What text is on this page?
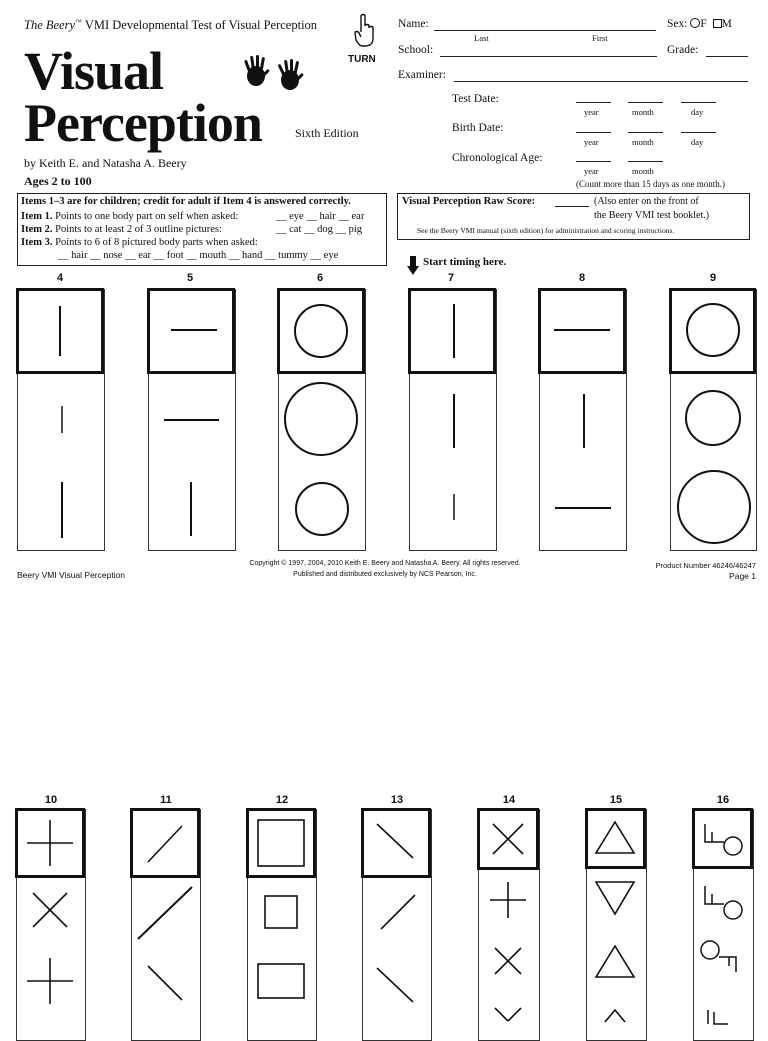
The Beery™ VMI Developmental Test of Visual Perception
Visual
Perception	Sixth Edition
by Keith E. and Natasha A. Beery
Ages 2 to 100
TURN
Name:
Last	First
Sex: F M
School:	Grade:
Examiner:
Test Date:
year	month	day
Birth Date:
year	month	day
Chronological Age:
year	month
(Count more than 15 days as one month.)
Items 1–3 are for children; credit for adult if Item 4 is answered correctly.
Item 1. Points to one body part on self when asked:	__ eye __ hair __ ear
Item 2. Points to at least 2 of 3 outline pictures:	__ cat __ dog __ pig
Item 3. Points to 6 of 8 pictured body parts when asked:
__ hair __ nose __ ear __ foot __ mouth __ hand __ tummy __ eye
Visual Perception Raw Score:	(Also enter on the front of
the Beery VMI test booklet.)
See the Beery VMI manual (sixth edition) for administration and scoring instructions.
Start timing here.
4	5	6	7	8	9
Beery VMI Visual Perception
Copyright © 1997, 2004, 2010 Keith E. Beery and Natasha A. Beery. All rights reserved.
Published and distributed exclusively by NCS Pearson, Inc.
Product Number 46246/46247
Page 1
10	11	12	13	14	15	16
